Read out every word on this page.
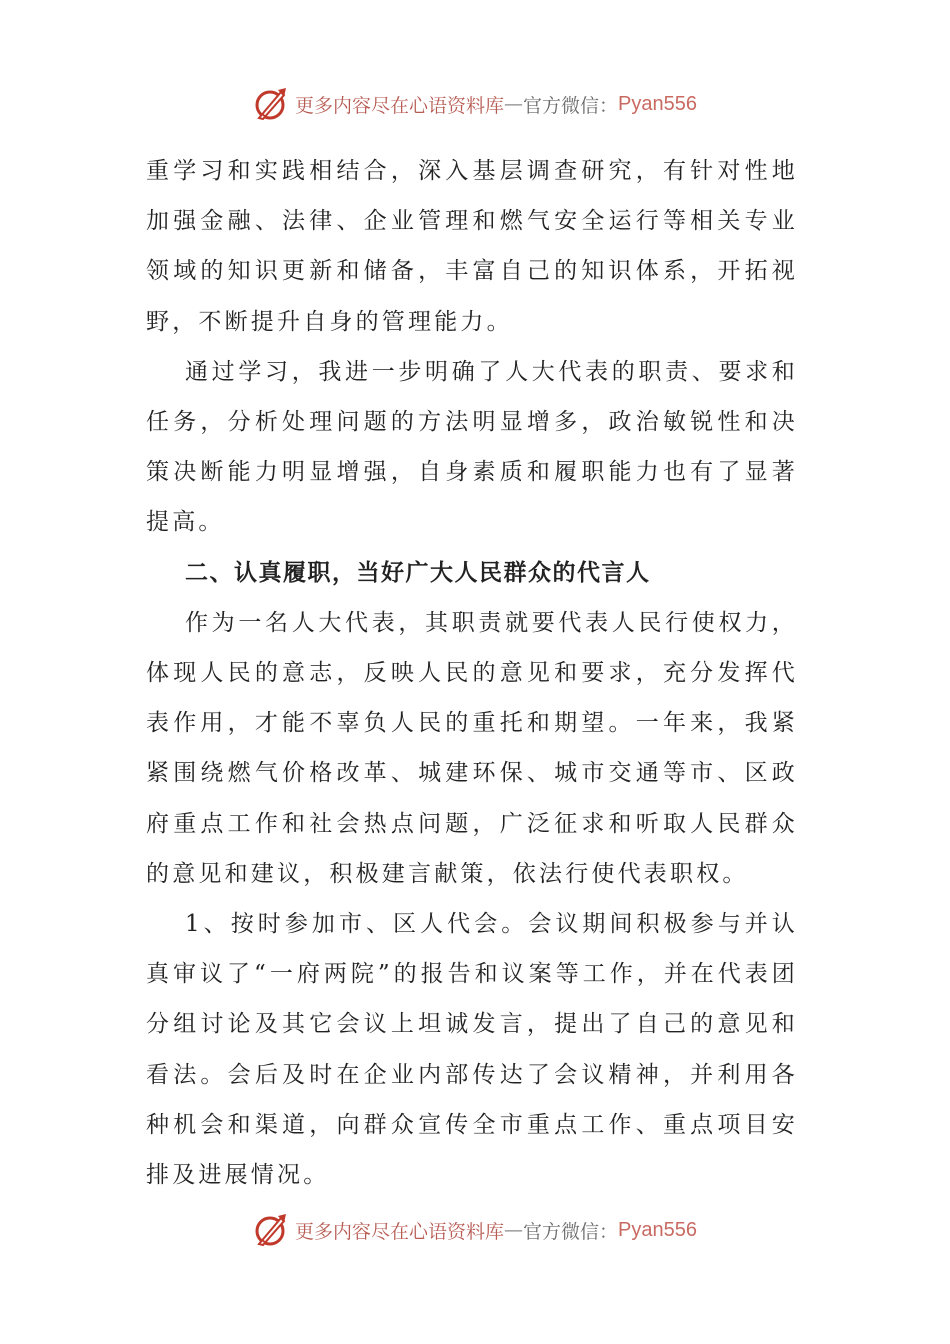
更多内容尽在心语资料库 — 官方微信： Pyan556

重学习和实践相结合，深入基层调查研究，有针对性地加强金融、法律、企业管理和燃气安全运行等相关专业领域的知识更新和储备，丰富自己的知识体系，开拓视野，不断提升自身的管理能力。

通过学习，我进一步明确了人大代表的职责、要求和任务，分析处理问题的方法明显增多，政治敏锐性和决策决断能力明显增强，自身素质和履职能力也有了显著提高。

二、认真履职，当好广大人民群众的代言人

作为一名人大代表，其职责就要代表人民行使权力，体现人民的意志，反映人民的意见和要求，充分发挥代表作用，才能不辜负人民的重托和期望。一年来，我紧紧围绕燃气价格改革、城建环保、城市交通等市、区政府重点工作和社会热点问题，广泛征求和听取人民群众的意见和建议，积极建言献策，依法行使代表职权。

1、按时参加市、区人代会。会议期间积极参与并认真审议了“一府两院”的报告和议案等工作，并在代表团分组讨论及其它会议上坦诚发言，提出了自己的意见和看法。会后及时在企业内部传达了会议精神，并利用各种机会和渠道，向群众宣传全市重点工作、重点项目安排及进展情况。

更多内容尽在心语资料库 — 官方微信： Pyan556
